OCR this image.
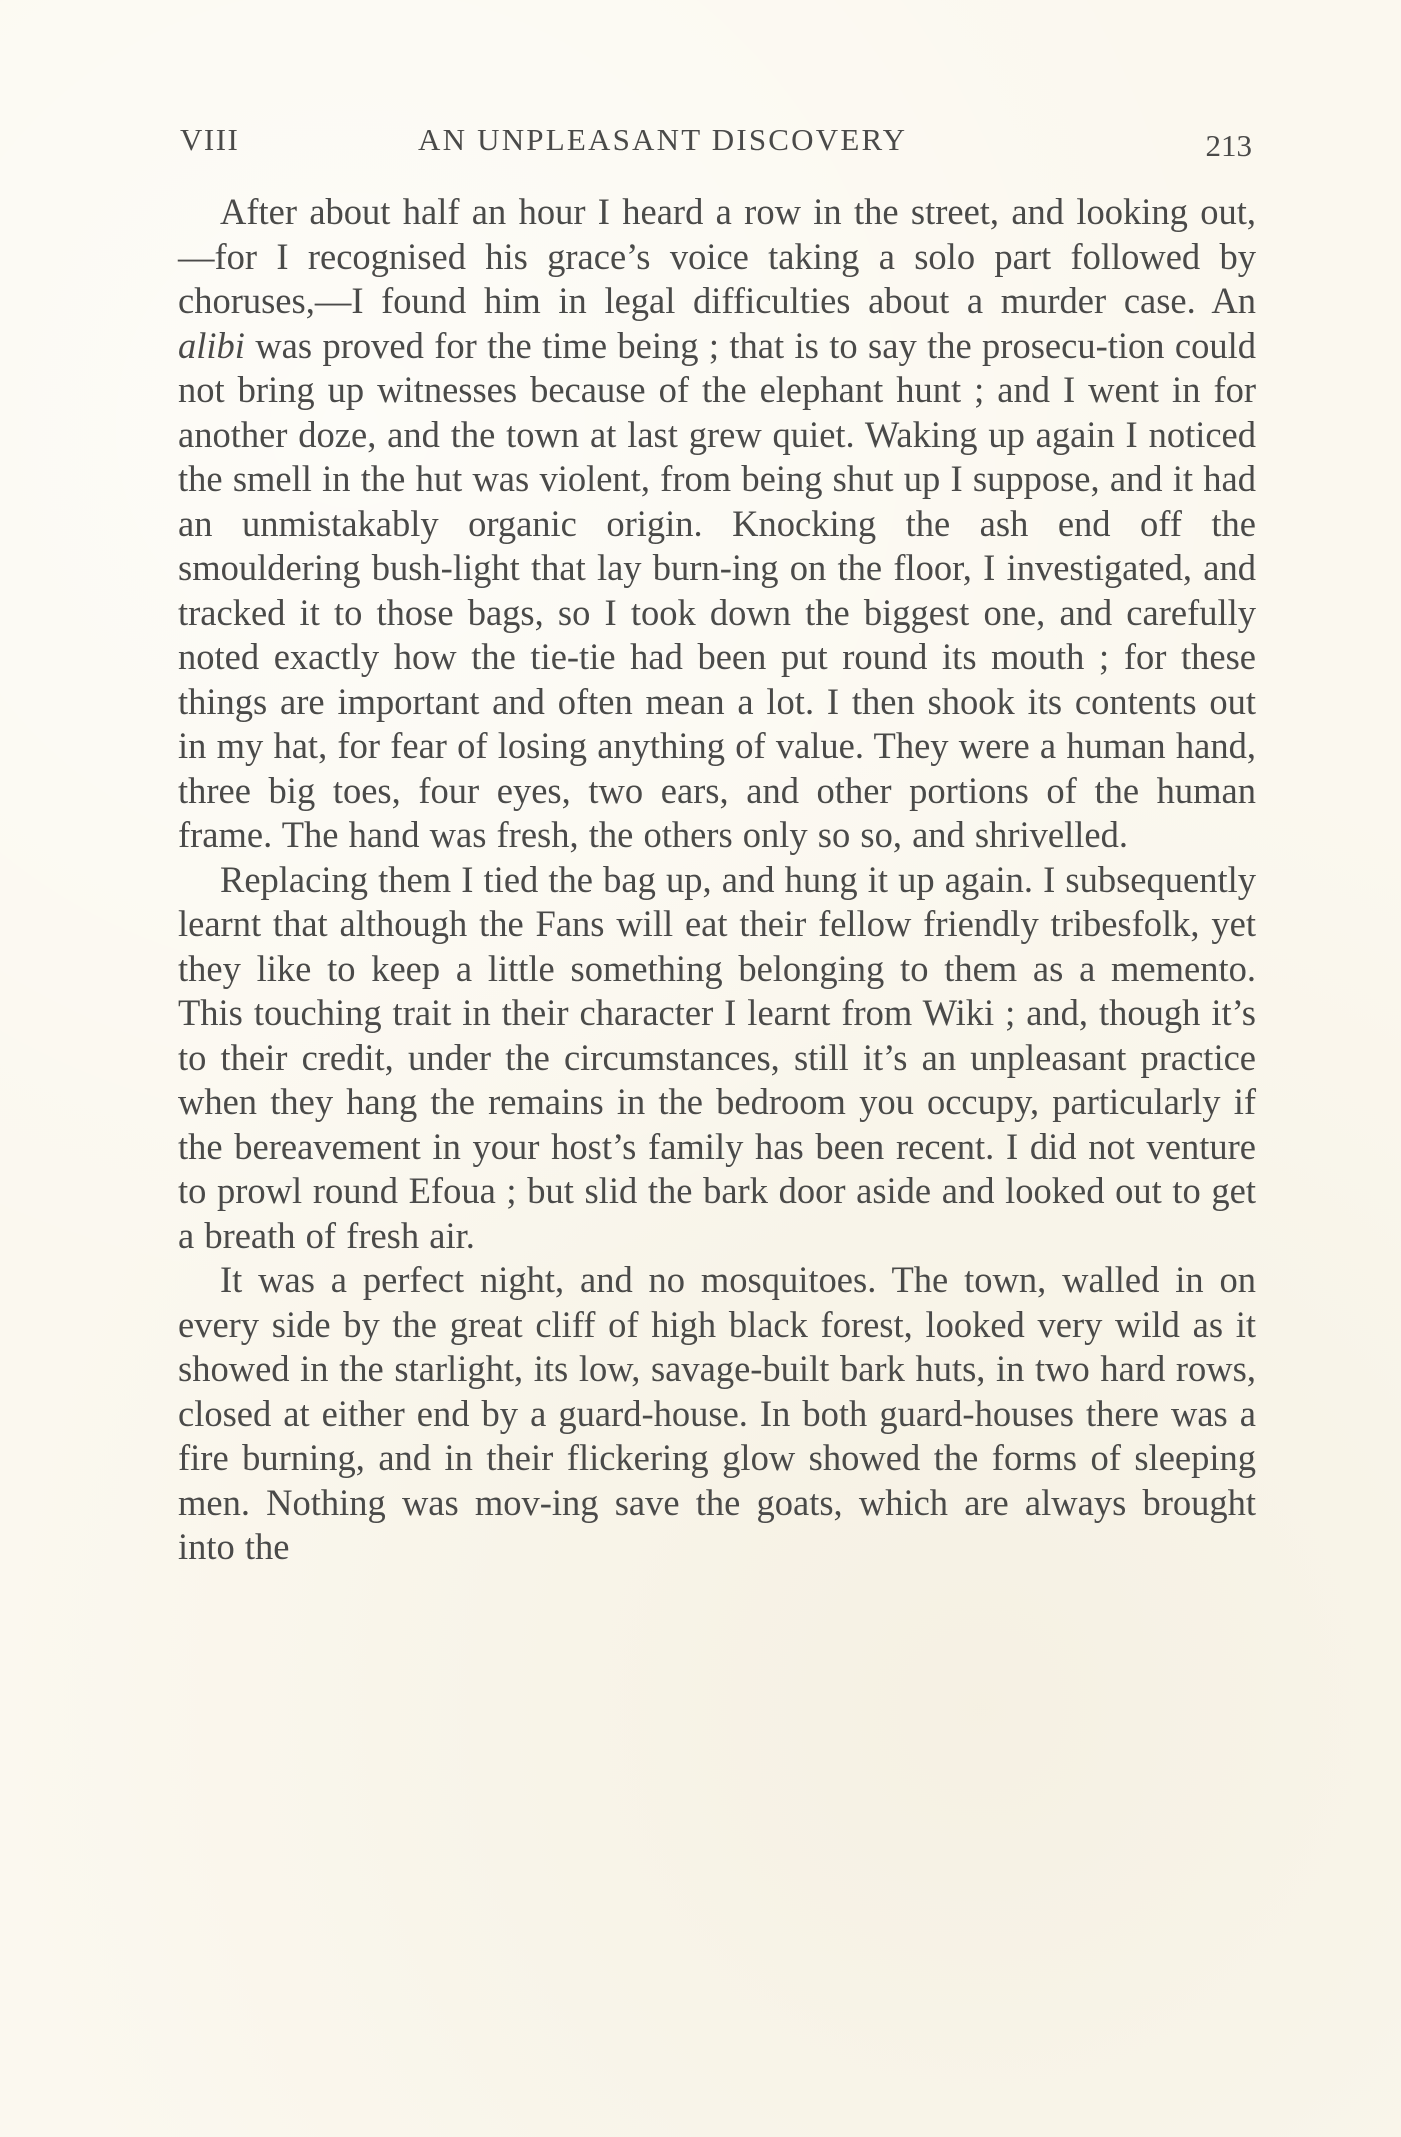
VIII	AN UNPLEASANT DISCOVERY	213

After about half an hour I heard a row in the street, and looking out,—for I recognised his grace’s voice taking a solo part followed by choruses,—I found him in legal difficulties about a murder case. An alibi was proved for the time being ; that is to say the prosecu-tion could not bring up witnesses because of the elephant hunt ; and I went in for another doze, and the town at last grew quiet. Waking up again I noticed the smell in the hut was violent, from being shut up I suppose, and it had an unmistakably organic origin. Knocking the ash end off the smouldering bush-light that lay burn-ing on the floor, I investigated, and tracked it to those bags, so I took down the biggest one, and carefully noted exactly how the tie-tie had been put round its mouth ; for these things are important and often mean a lot. I then shook its contents out in my hat, for fear of losing anything of value. They were a human hand, three big toes, four eyes, two ears, and other portions of the human frame. The hand was fresh, the others only so so, and shrivelled.

Replacing them I tied the bag up, and hung it up again. I subsequently learnt that although the Fans will eat their fellow friendly tribesfolk, yet they like to keep a little something belonging to them as a memento. This touching trait in their character I learnt from Wiki ; and, though it’s to their credit, under the circumstances, still it’s an unpleasant practice when they hang the remains in the bedroom you occupy, particularly if the bereavement in your host’s family has been recent. I did not venture to prowl round Efoua ; but slid the bark door aside and looked out to get a breath of fresh air.

It was a perfect night, and no mosquitoes. The town, walled in on every side by the great cliff of high black forest, looked very wild as it showed in the starlight, its low, savage-built bark huts, in two hard rows, closed at either end by a guard-house. In both guard-houses there was a fire burning, and in their flickering glow showed the forms of sleeping men. Nothing was mov-ing save the goats, which are always brought into the
